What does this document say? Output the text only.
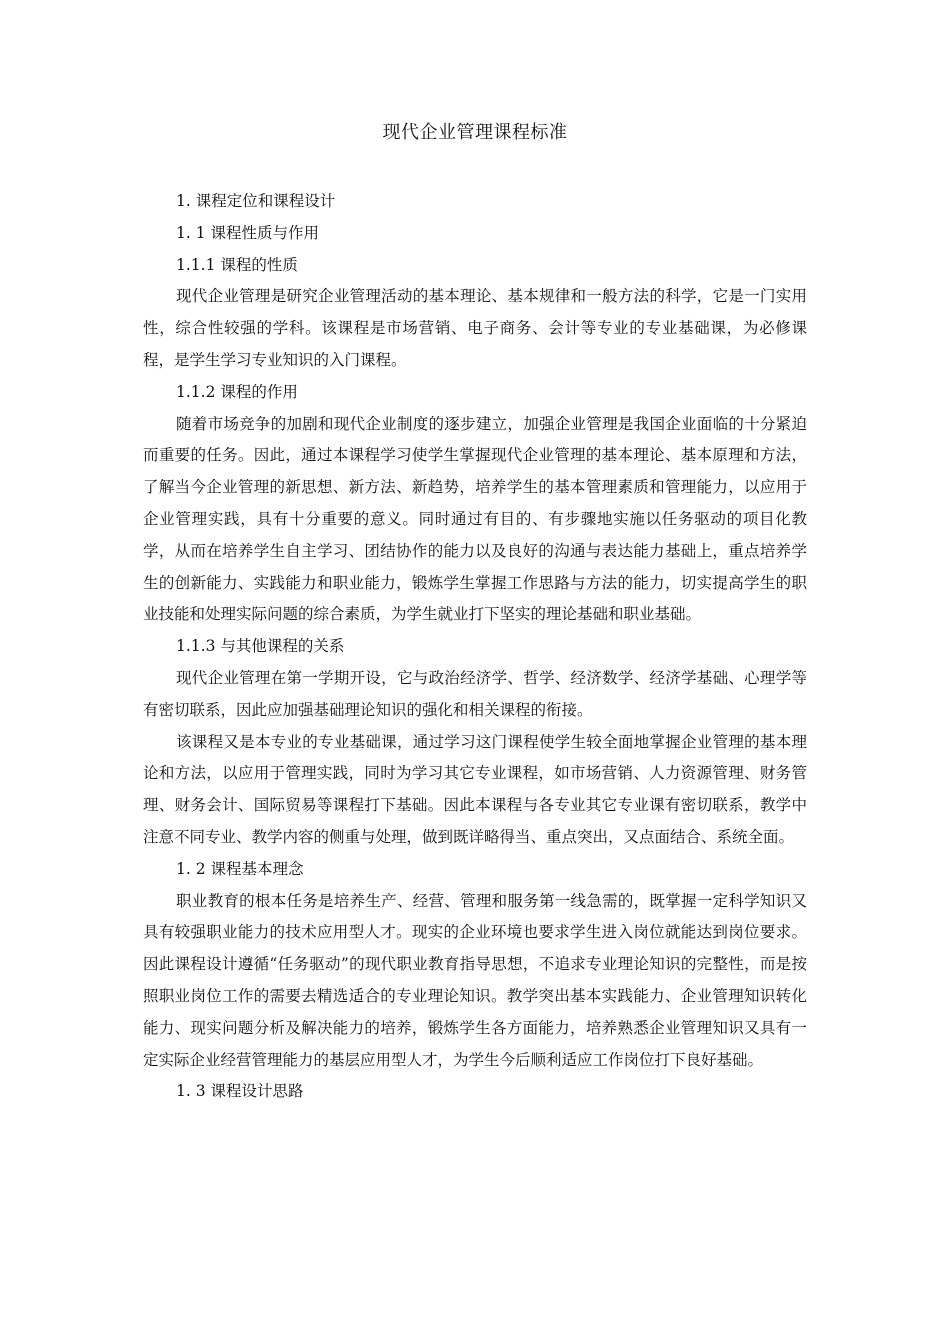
现代企业管理课程标准

1. 课程定位和课程设计

1. 1 课程性质与作用

1.1.1 课程的性质

现代企业管理是研究企业管理活动的基本理论、基本规律和一般方法的科学，它是一门实用性，综合性较强的学科。该课程是市场营销、电子商务、会计等专业的专业基础课，为必修课程，是学生学习专业知识的入门课程。

1.1.2 课程的作用

随着市场竞争的加剧和现代企业制度的逐步建立，加强企业管理是我国企业面临的十分紧迫而重要的任务。因此，通过本课程学习使学生掌握现代企业管理的基本理论、基本原理和方法，了解当今企业管理的新思想、新方法、新趋势，培养学生的基本管理素质和管理能力，以应用于企业管理实践，具有十分重要的意义。同时通过有目的、有步骤地实施以任务驱动的项目化教学，从而在培养学生自主学习、团结协作的能力以及良好的沟通与表达能力基础上，重点培养学生的创新能力、实践能力和职业能力，锻炼学生掌握工作思路与方法的能力，切实提高学生的职业技能和处理实际问题的综合素质，为学生就业打下坚实的理论基础和职业基础。

1.1.3 与其他课程的关系

现代企业管理在第一学期开设，它与政治经济学、哲学、经济数学、经济学基础、心理学等有密切联系，因此应加强基础理论知识的强化和相关课程的衔接。

该课程又是本专业的专业基础课，通过学习这门课程使学生较全面地掌握企业管理的基本理论和方法，以应用于管理实践，同时为学习其它专业课程，如市场营销、人力资源管理、财务管理、财务会计、国际贸易等课程打下基础。因此本课程与各专业其它专业课有密切联系，教学中注意不同专业、教学内容的侧重与处理，做到既详略得当、重点突出，又点面结合、系统全面。

1. 2 课程基本理念

职业教育的根本任务是培养生产、经营、管理和服务第一线急需的，既掌握一定科学知识又具有较强职业能力的技术应用型人才。现实的企业环境也要求学生进入岗位就能达到岗位要求。因此课程设计遵循“任务驱动”的现代职业教育指导思想，不追求专业理论知识的完整性，而是按照职业岗位工作的需要去精选适合的专业理论知识。教学突出基本实践能力、企业管理知识转化能力、现实问题分析及解决能力的培养，锻炼学生各方面能力，培养熟悉企业管理知识又具有一定实际企业经营管理能力的基层应用型人才，为学生今后顺利适应工作岗位打下良好基础。

1. 3 课程设计思路
